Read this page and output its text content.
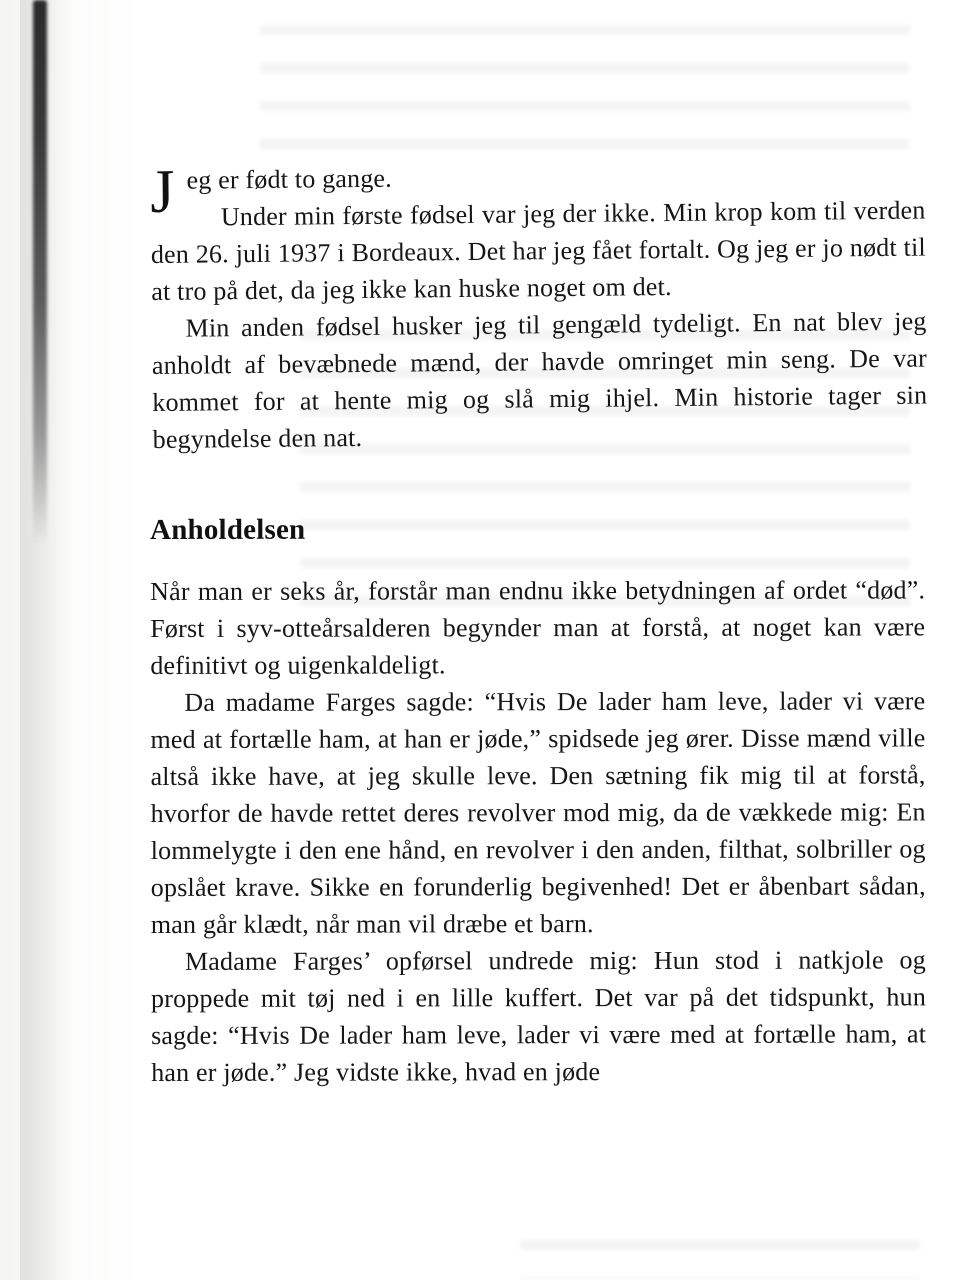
Jeg er født to gange.

Under min første fødsel var jeg der ikke. Min krop kom til verden den 26. juli 1937 i Bordeaux. Det har jeg fået fortalt. Og jeg er jo nødt til at tro på det, da jeg ikke kan huske noget om det.

Min anden fødsel husker jeg til gengæld tydeligt. En nat blev jeg anholdt af bevæbnede mænd, der havde omringet min seng. De var kommet for at hente mig og slå mig ihjel. Min historie tager sin begyndelse den nat.

Anholdelsen

Når man er seks år, forstår man endnu ikke betydningen af ordet “død”. Først i syv-otteårsalderen begynder man at forstå, at noget kan være definitivt og uigenkaldeligt.

Da madame Farges sagde: “Hvis De lader ham leve, lader vi være med at fortælle ham, at han er jøde,” spidsede jeg ører. Disse mænd ville altså ikke have, at jeg skulle leve. Den sætning fik mig til at forstå, hvorfor de havde rettet deres revolver mod mig, da de vækkede mig: En lommelygte i den ene hånd, en revolver i den anden, filthat, solbriller og opslået krave. Sikke en forunderlig begivenhed! Det er åbenbart sådan, man går klædt, når man vil dræbe et barn.

Madame Farges’ opførsel undrede mig: Hun stod i natkjole og proppede mit tøj ned i en lille kuffert. Det var på det tidspunkt, hun sagde: “Hvis De lader ham leve, lader vi være med at fortælle ham, at han er jøde.” Jeg vidste ikke, hvad en jøde
